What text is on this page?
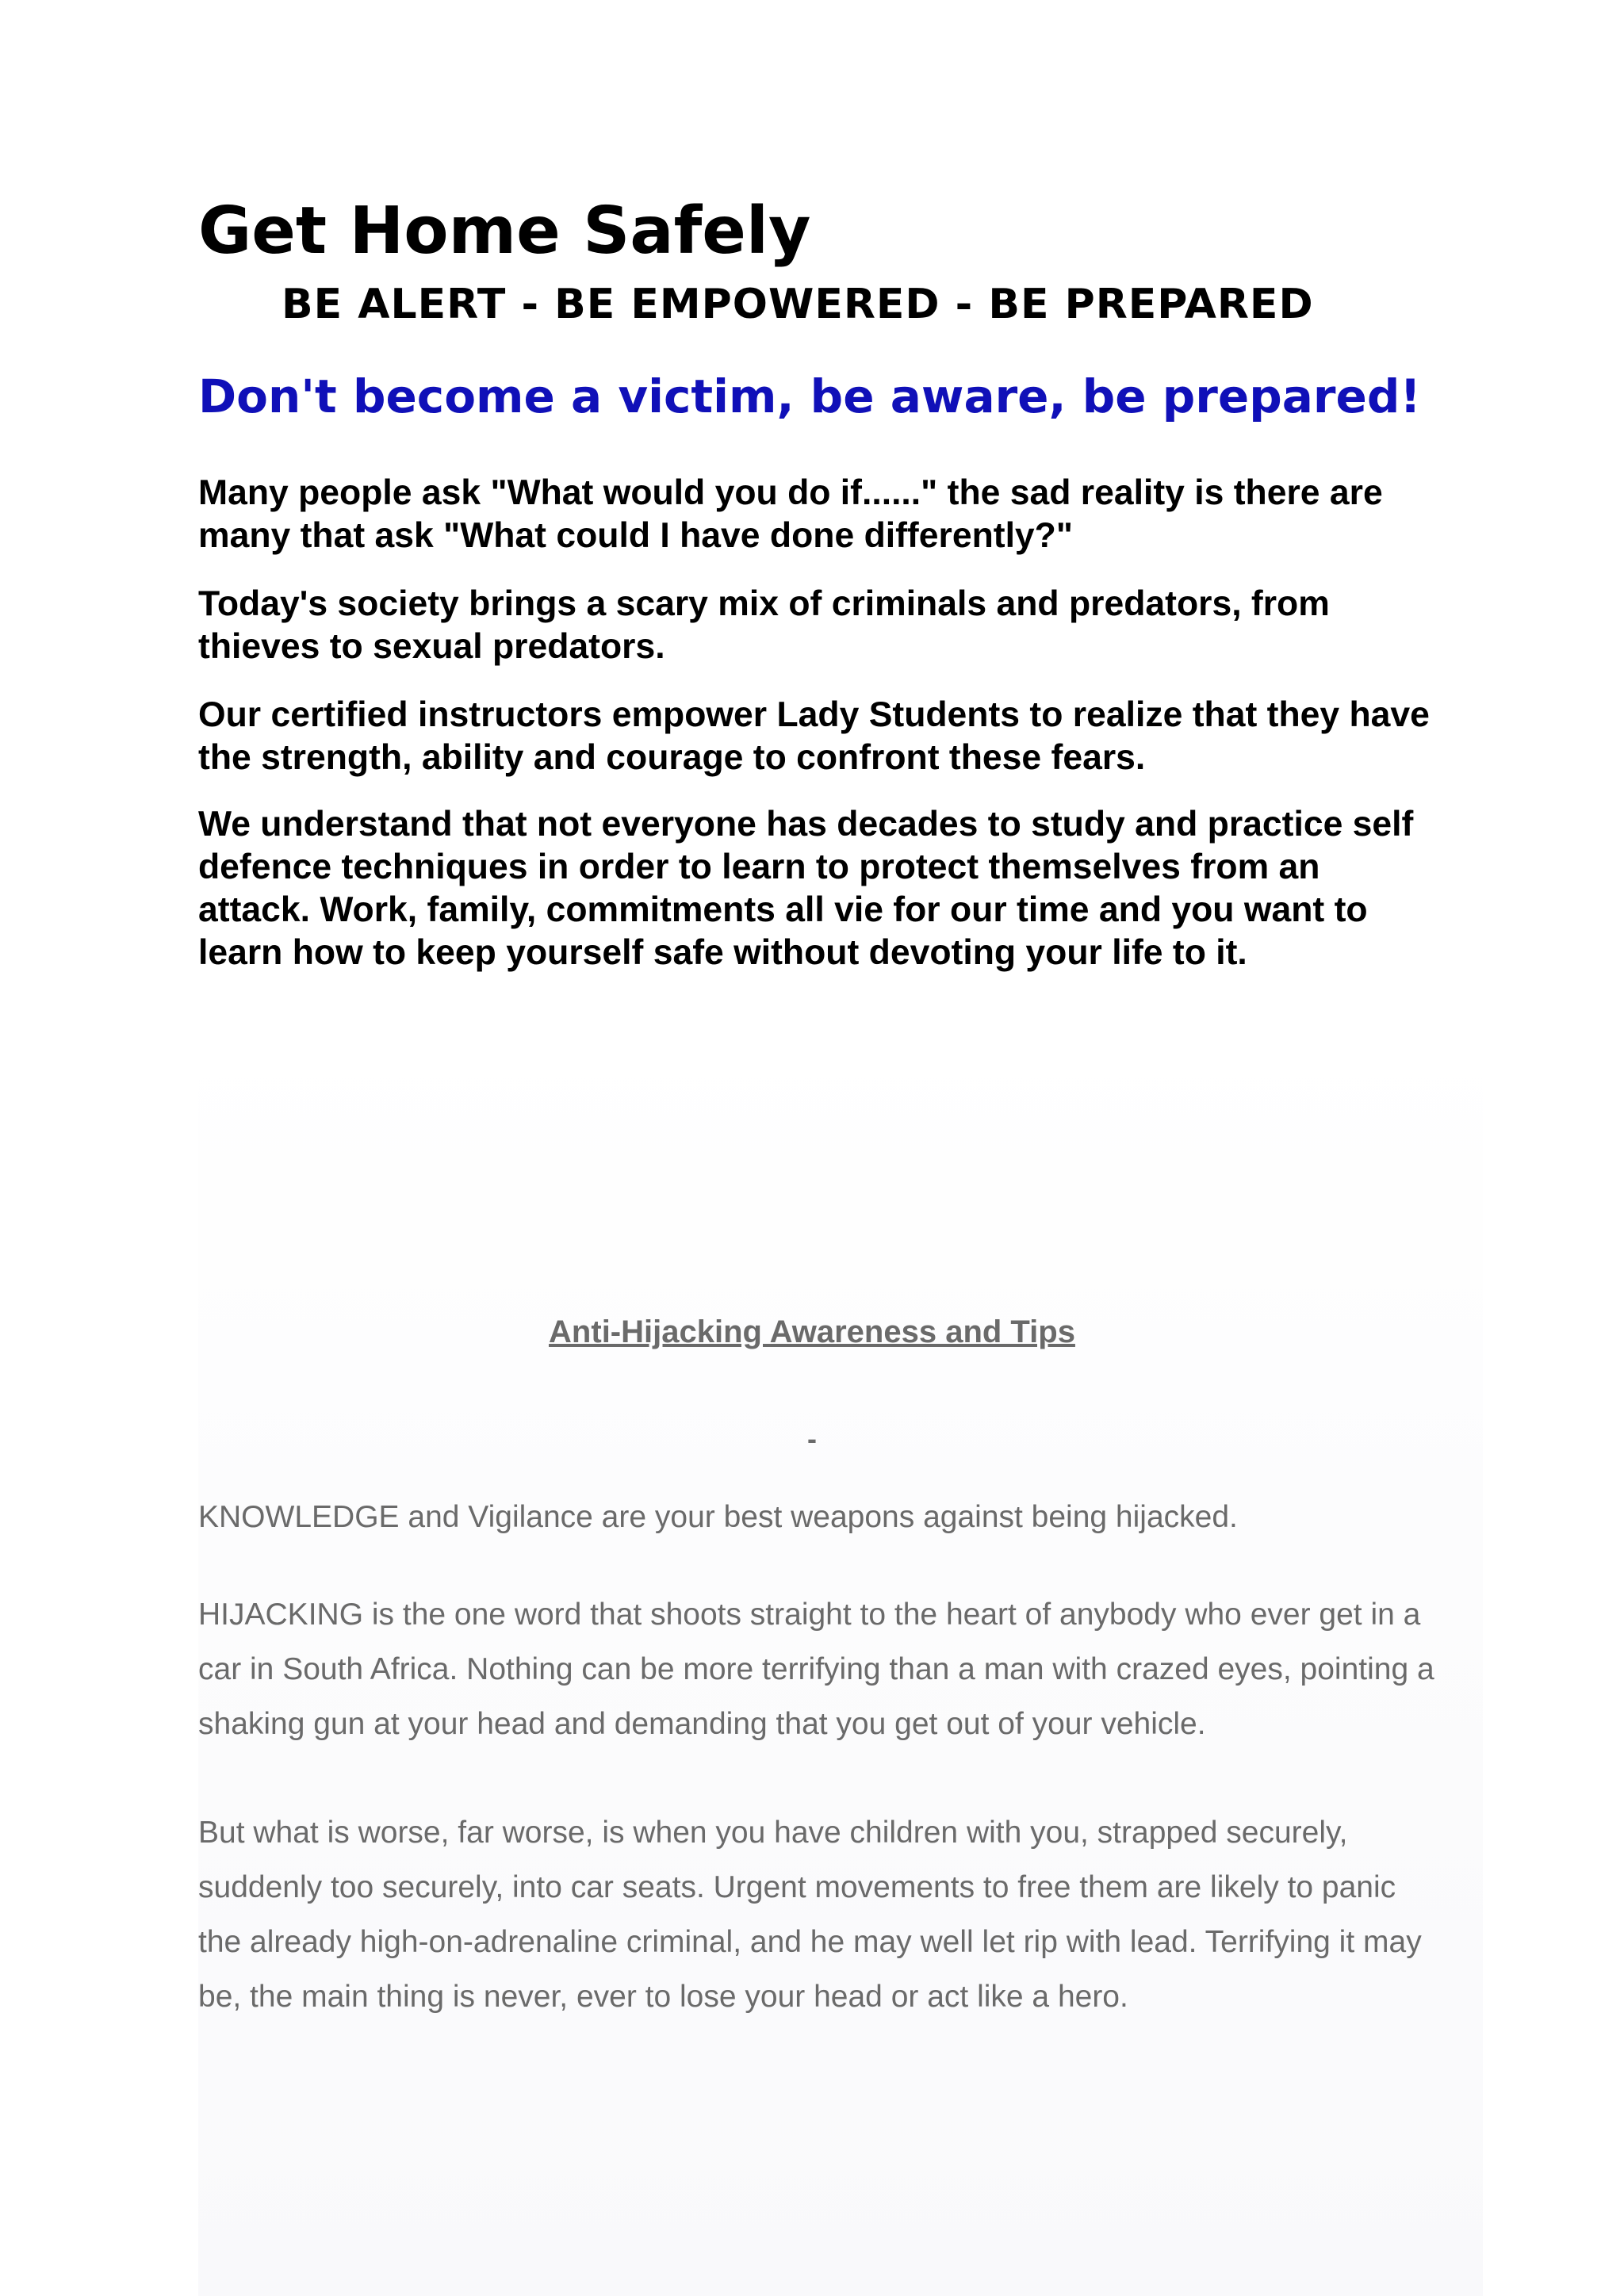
Get Home Safely
BE ALERT - BE EMPOWERED - BE PREPARED
Don't become a victim, be aware, be prepared!

Many people ask "What would you do if......" the sad reality is there are many that ask "What could I have done differently?"

Today's society brings a scary mix of criminals and predators, from thieves to sexual predators.

Our certified instructors empower Lady Students to realize that they have the strength, ability and courage to confront these fears.

We understand that not everyone has decades to study and practice self defence techniques in order to learn to protect themselves from an attack. Work, family, commitments all vie for our time and you want to learn how to keep yourself safe without devoting your life to it.

Anti-Hijacking Awareness and Tips

-

KNOWLEDGE and Vigilance are your best weapons against being hijacked.

HIJACKING is the one word that shoots straight to the heart of anybody who ever get in a car in South Africa. Nothing can be more terrifying than a man with crazed eyes, pointing a shaking gun at your head and demanding that you get out of your vehicle.

But what is worse, far worse, is when you have children with you, strapped securely, suddenly too securely, into car seats. Urgent movements to free them are likely to panic the already high-on-adrenaline criminal, and he may well let rip with lead. Terrifying it may be, the main thing is never, ever to lose your head or act like a hero.
